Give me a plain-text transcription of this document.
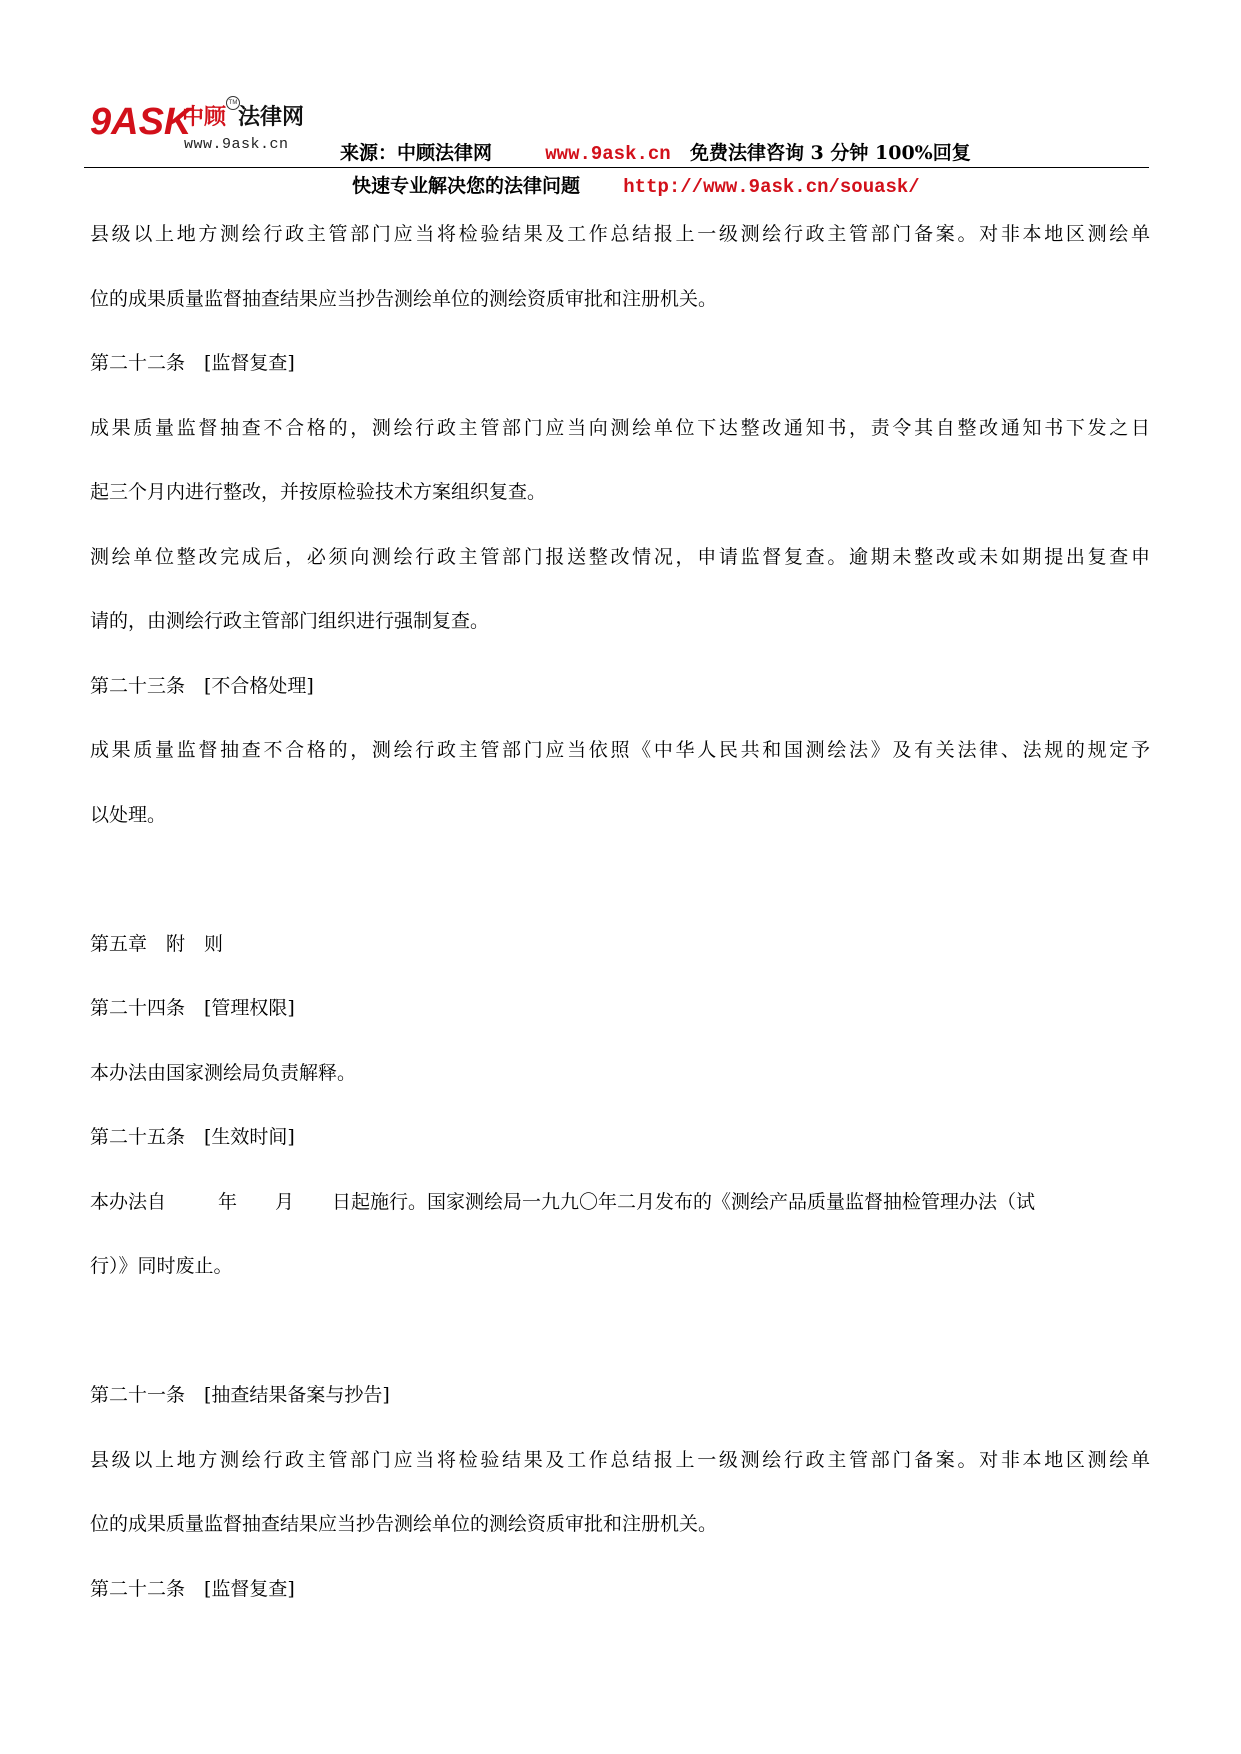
9ASK
中顾
TM
法律网
www.9ask.cn	来源：中顾法律网	www.9ask.cn 免费法律咨询 3 分钟 100%回复
快速专业解决您的法律问题 http://www.9ask.cn/souask/
县级以上地方测绘行政主管部门应当将检验结果及工作总结报上一级测绘行政主管部门备案。对非本地区测绘单
位的成果质量监督抽查结果应当抄告测绘单位的测绘资质审批和注册机关。
第二十二条　[监督复查]
成果质量监督抽查不合格的，测绘行政主管部门应当向测绘单位下达整改通知书，责令其自整改通知书下发之日
起三个月内进行整改，并按原检验技术方案组织复查。
测绘单位整改完成后，必须向测绘行政主管部门报送整改情况，申请监督复查。逾期未整改或未如期提出复查申
请的，由测绘行政主管部门组织进行强制复查。
第二十三条　[不合格处理]
成果质量监督抽查不合格的，测绘行政主管部门应当依照《中华人民共和国测绘法》及有关法律、法规的规定予
以处理。
第五章　附　则
第二十四条　[管理权限]
本办法由国家测绘局负责解释。
第二十五条　[生效时间]
本办法自	年 月 日起施行。国家测绘局一九九〇年二月发布的《测绘产品质量监督抽检管理办法（试
行）》同时废止。
第二十一条　[抽查结果备案与抄告]
县级以上地方测绘行政主管部门应当将检验结果及工作总结报上一级测绘行政主管部门备案。对非本地区测绘单
位的成果质量监督抽查结果应当抄告测绘单位的测绘资质审批和注册机关。
第二十二条　[监督复查]
